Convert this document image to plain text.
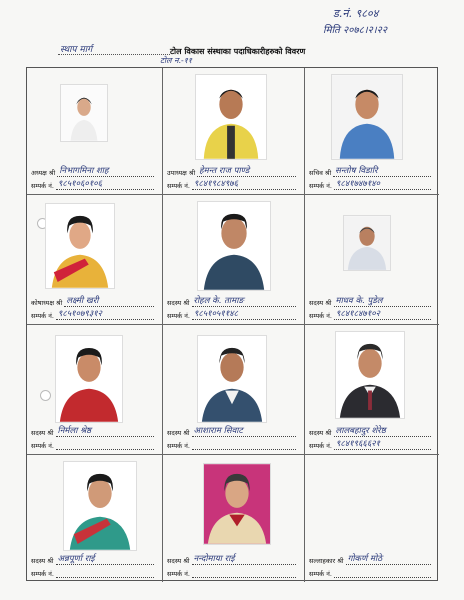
ड.नं. ९८०४
मिति २०७८।२।२२
स्थाप मार्ग
टोल न.-११
टोल विकास संस्थाका पदाधिकारीहरुको विवरण
अध्यक्ष श्री निभागमिना शाह
सम्पर्क नं. ९८५१०६०१०६
उपाध्यक्ष श्री हेमन्त राज पाण्डे
सम्पर्क नं. ९८४१९८४९७६
सचिव श्री सन्तोष विडारि
सम्पर्क नं. ९८४१७४७१४०
कोषाध्यक्ष श्री लक्ष्मी खरी
सम्पर्क नं. ९८५१०७९३१२
सदस्य श्री रोहल के. तामाङ
सम्पर्क नं. ९८५१०५११४८
सदस्य श्री माधव के. पुडेल
सम्पर्क नं. ९८४१८४७१०२
सदस्य श्री निर्मला श्रेष्ठ
सम्पर्क नं.
सदस्य श्री आशाराम सिवाट
सम्पर्क नं.
सदस्य श्री लालबहादुर शेरेष्ठ
सम्पर्क नं. ९८४१९६६६२१
सदस्य श्री अन्नपूर्णा राई
सम्पर्क नं.
सदस्य श्री नन्दोमाया राई
सम्पर्क नं.
सल्लाहकार श्री गोकर्ण मोठे
सम्पर्क नं.
